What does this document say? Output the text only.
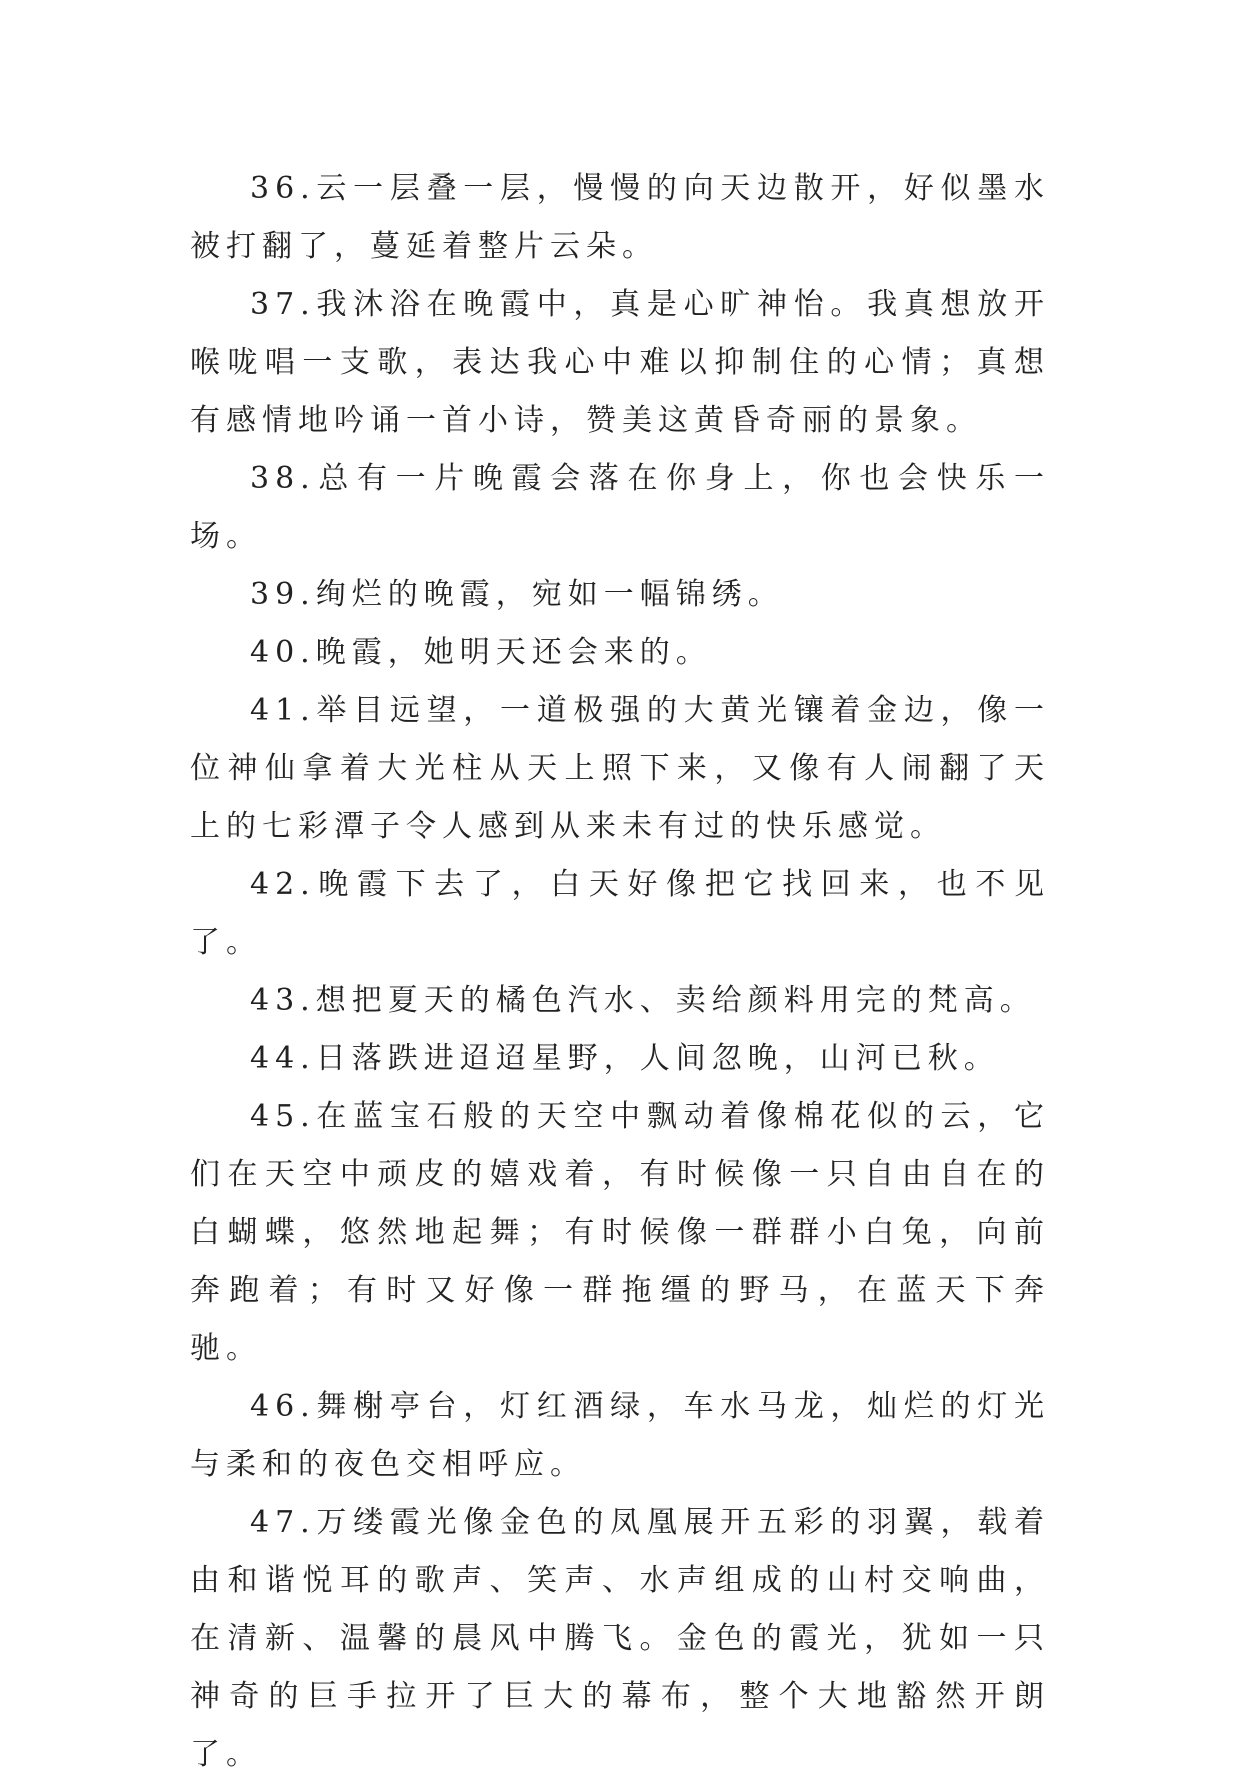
36.云一层叠一层，慢慢的向天边散开，好似墨水被打翻了，蔓延着整片云朵。

37.我沐浴在晚霞中，真是心旷神怡。我真想放开喉咙唱一支歌，表达我心中难以抑制住的心情；真想有感情地吟诵一首小诗，赞美这黄昏奇丽的景象。

38.总有一片晚霞会落在你身上，你也会快乐一场。

39.绚烂的晚霞，宛如一幅锦绣。

40.晚霞，她明天还会来的。

41.举目远望，一道极强的大黄光镶着金边，像一位神仙拿着大光柱从天上照下来，又像有人闹翻了天上的七彩潭子令人感到从来未有过的快乐感觉。

42.晚霞下去了，白天好像把它找回来，也不见了。

43.想把夏天的橘色汽水、卖给颜料用完的梵高。

44.日落跌进迢迢星野，人间忽晚，山河已秋。

45.在蓝宝石般的天空中飘动着像棉花似的云，它们在天空中顽皮的嬉戏着，有时候像一只自由自在的白蝴蝶，悠然地起舞；有时候像一群群小白兔，向前奔跑着；有时又好像一群拖缰的野马，在蓝天下奔驰。

46.舞榭亭台，灯红酒绿，车水马龙，灿烂的灯光与柔和的夜色交相呼应。

47.万缕霞光像金色的凤凰展开五彩的羽翼，载着由和谐悦耳的歌声、笑声、水声组成的山村交响曲，在清新、温馨的晨风中腾飞。金色的霞光，犹如一只神奇的巨手拉开了巨大的幕布，整个大地豁然开朗了。
